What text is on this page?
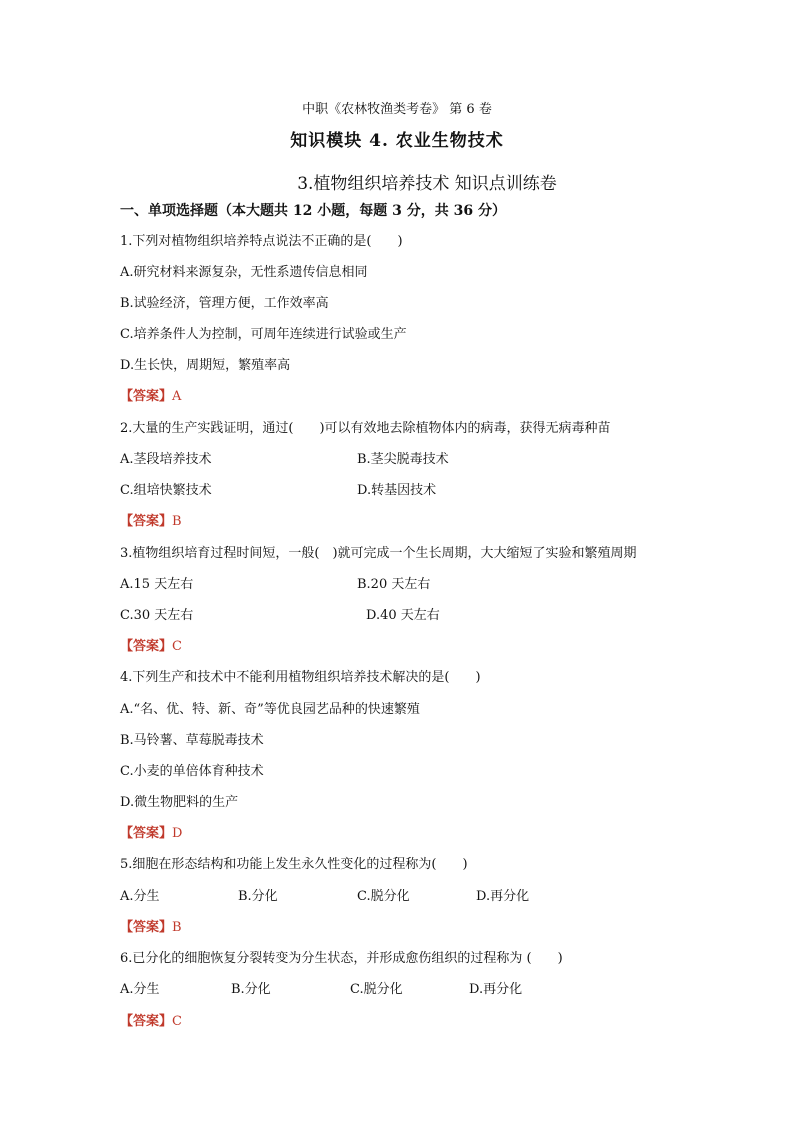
中职《农林牧渔类考卷》 第 6 卷
知识模块 4. 农业生物技术
3.植物组织培养技术 知识点训练卷
一、单项选择题（本大题共 12 小题，每题 3 分，共 36 分）
1.下列对植物组织培养特点说法不正确的是(　　)
A.研究材料来源复杂，无性系遗传信息相同
B.试验经济，管理方便，工作效率高
C.培养条件人为控制，可周年连续进行试验或生产
D.生长快，周期短，繁殖率高
【答案】A
2.大量的生产实践证明，通过(　　)可以有效地去除植物体内的病毒，获得无病毒种苗
A.茎段培养技术	B.茎尖脱毒技术
C.组培快繁技术	D.转基因技术
【答案】B
3.植物组织培育过程时间短，一般(　)就可完成一个生长周期，大大缩短了实验和繁殖周期
A.15 天左右	B.20 天左右
C.30 天左右	D.40 天左右
【答案】C
4.下列生产和技术中不能利用植物组织培养技术解决的是(　　)
A.“名、优、特、新、奇”等优良园艺品种的快速繁殖
B.马铃薯、草莓脱毒技术
C.小麦的单倍体育种技术
D.微生物肥料的生产
【答案】D
5.细胞在形态结构和功能上发生永久性变化的过程称为(　　)
A.分生	B.分化	C.脱分化	D.再分化
【答案】B
6.已分化的细胞恢复分裂转变为分生状态，并形成愈伤组织的过程称为 (　　)
A.分生	B.分化	C.脱分化	D.再分化
【答案】C
